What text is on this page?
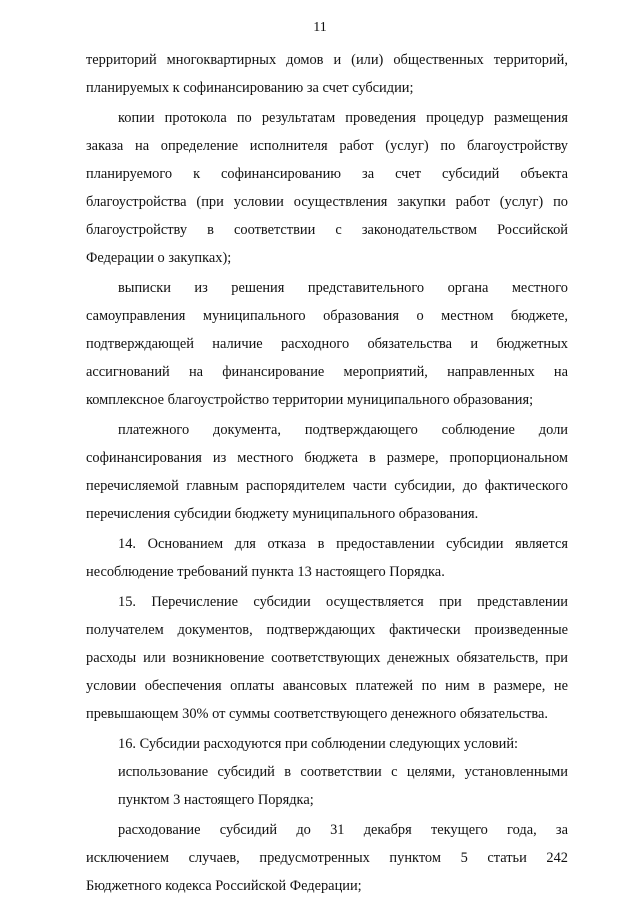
11

территорий многоквартирных домов и (или) общественных территорий,
планируемых к софинансированию за счет субсидии;

копии протокола по результатам проведения процедур размещения
заказа на определение исполнителя работ (услуг) по благоустройству
планируемого к софинансированию за счет субсидий объекта
благоустройства (при условии осуществления закупки работ (услуг) по
благоустройству в соответствии с законодательством Российской
Федерации о закупках);

выписки из решения представительного органа местного
самоуправления муниципального образования о местном бюджете,
подтверждающей наличие расходного обязательства и бюджетных
ассигнований на финансирование мероприятий, направленных на
комплексное благоустройство территории муниципального образования;

платежного документа, подтверждающего соблюдение доли
софинансирования из местного бюджета в размере, пропорциональном
перечисляемой главным распорядителем части субсидии, до фактического
перечисления субсидии бюджету муниципального образования.

14. Основанием для отказа в предоставлении субсидии является
несоблюдение требований пункта 13 настоящего Порядка.

15. Перечисление субсидии осуществляется при представлении
получателем документов, подтверждающих фактически произведенные
расходы или возникновение соответствующих денежных обязательств, при
условии обеспечения оплаты авансовых платежей по ним в размере, не
превышающем 30% от суммы соответствующего денежного обязательства.

16. Субсидии расходуются при соблюдении следующих условий:

использование субсидий в соответствии с целями, установленными
пунктом 3 настоящего Порядка;

расходование субсидий до 31 декабря текущего года, за
исключением случаев, предусмотренных пунктом 5 статьи 242
Бюджетного кодекса Российской Федерации;
